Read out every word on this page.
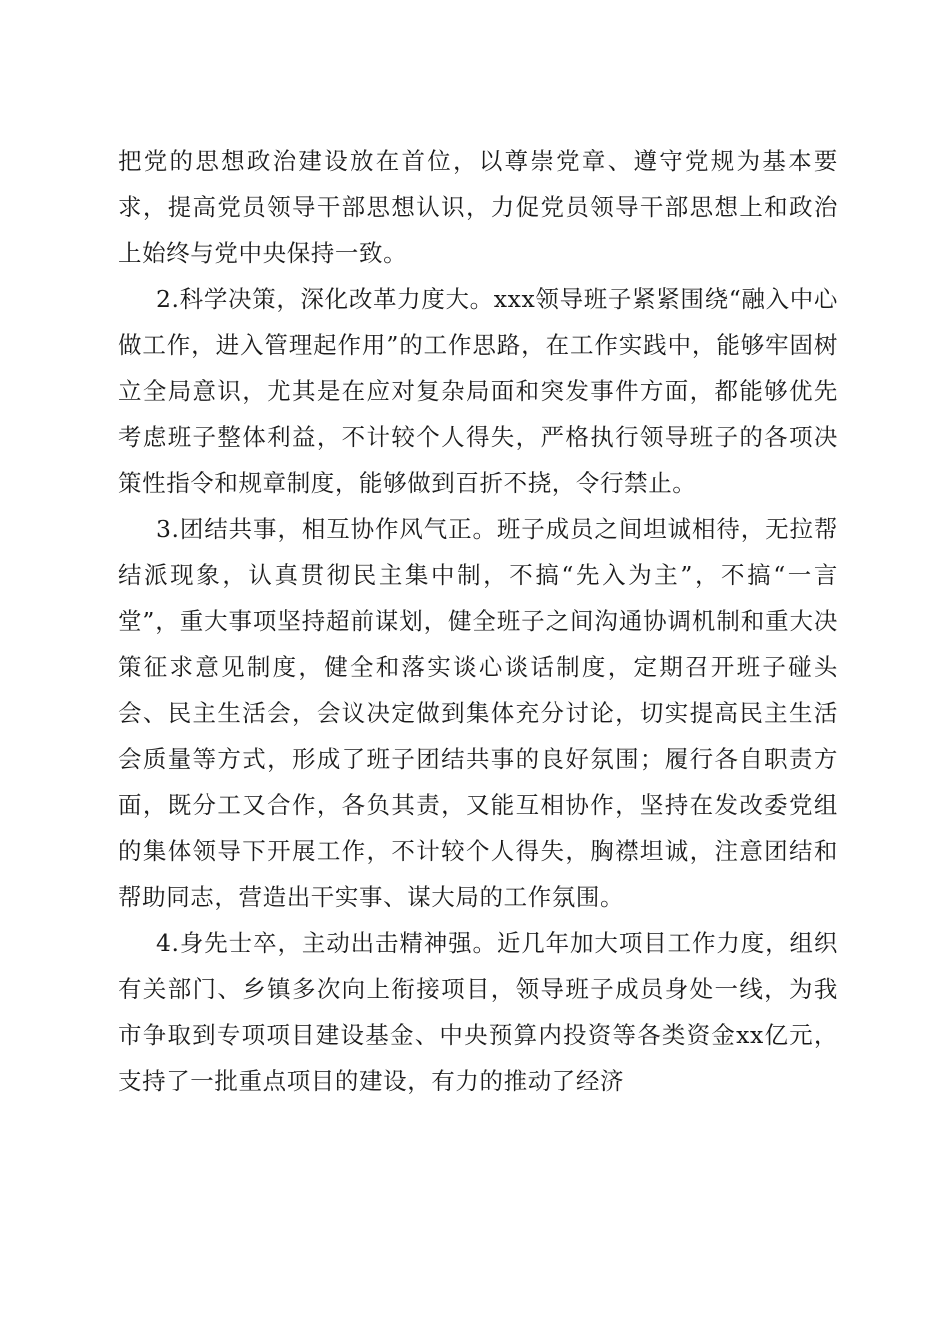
把党的思想政治建设放在首位，以尊崇党章、遵守党规为基本要求，提高党员领导干部思想认识，力促党员领导干部思想上和政治上始终与党中央保持一致。

2.科学决策，深化改革力度大。xxx领导班子紧紧围绕“融入中心做工作，进入管理起作用”的工作思路，在工作实践中，能够牢固树立全局意识，尤其是在应对复杂局面和突发事件方面，都能够优先考虑班子整体利益，不计较个人得失，严格执行领导班子的各项决策性指令和规章制度，能够做到百折不挠，令行禁止。

3.团结共事，相互协作风气正。班子成员之间坦诚相待，无拉帮结派现象，认真贯彻民主集中制，不搞“先入为主”，不搞“一言堂”，重大事项坚持超前谋划，健全班子之间沟通协调机制和重大决策征求意见制度，健全和落实谈心谈话制度，定期召开班子碰头会、民主生活会，会议决定做到集体充分讨论，切实提高民主生活会质量等方式，形成了班子团结共事的良好氛围；履行各自职责方面，既分工又合作，各负其责，又能互相协作，坚持在发改委党组的集体领导下开展工作，不计较个人得失，胸襟坦诚，注意团结和帮助同志，营造出干实事、谋大局的工作氛围。

4.身先士卒，主动出击精神强。近几年加大项目工作力度，组织有关部门、乡镇多次向上衔接项目，领导班子成员身处一线，为我市争取到专项项目建设基金、中央预算内投资等各类资金xx亿元，支持了一批重点项目的建设，有力的推动了经济
